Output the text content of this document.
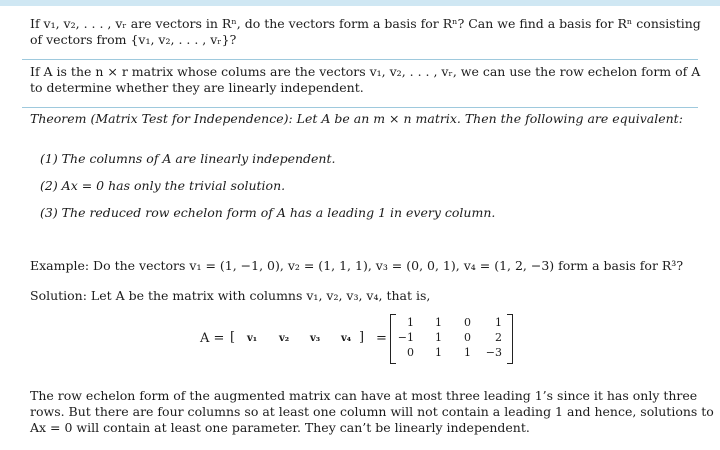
If v₁, v₂, . . . , vᵣ are vectors in Rⁿ, do the vectors form a basis for Rⁿ? Can we find a basis for Rⁿ consisting
of vectors from {v₁, v₂, . . . , vᵣ}?
If A is the n × r matrix whose colums are the vectors v₁, v₂, . . . , vᵣ, we can use the row echelon form of A
to determine whether they are linearly independent.
Theorem (Matrix Test for Independence): Let A be an m × n matrix. Then the following are equivalent:
(1) The columns of A are linearly independent.
(2) Ax = 0 has only the trivial solution.
(3) The reduced row echelon form of A has a leading 1 in every column.
Example: Do the vectors v₁ = (1, −1, 0), v₂ = (1, 1, 1), v₃ = (0, 0, 1), v₄ = (1, 2, −3) form a basis for R³?
Solution: Let A be the matrix with columns v₁, v₂, v₃, v₄, that is,
A = [ v₁ v₂ v₃ v₄ ] =
1	1	0	1
−1	1	0	2
0	1	1	−3
The row echelon form of the augmented matrix can have at most three leading 1’s since it has only three
rows. But there are four columns so at least one column will not contain a leading 1 and hence, solutions to
Ax = 0 will contain at least one parameter. They can’t be linearly independent.
